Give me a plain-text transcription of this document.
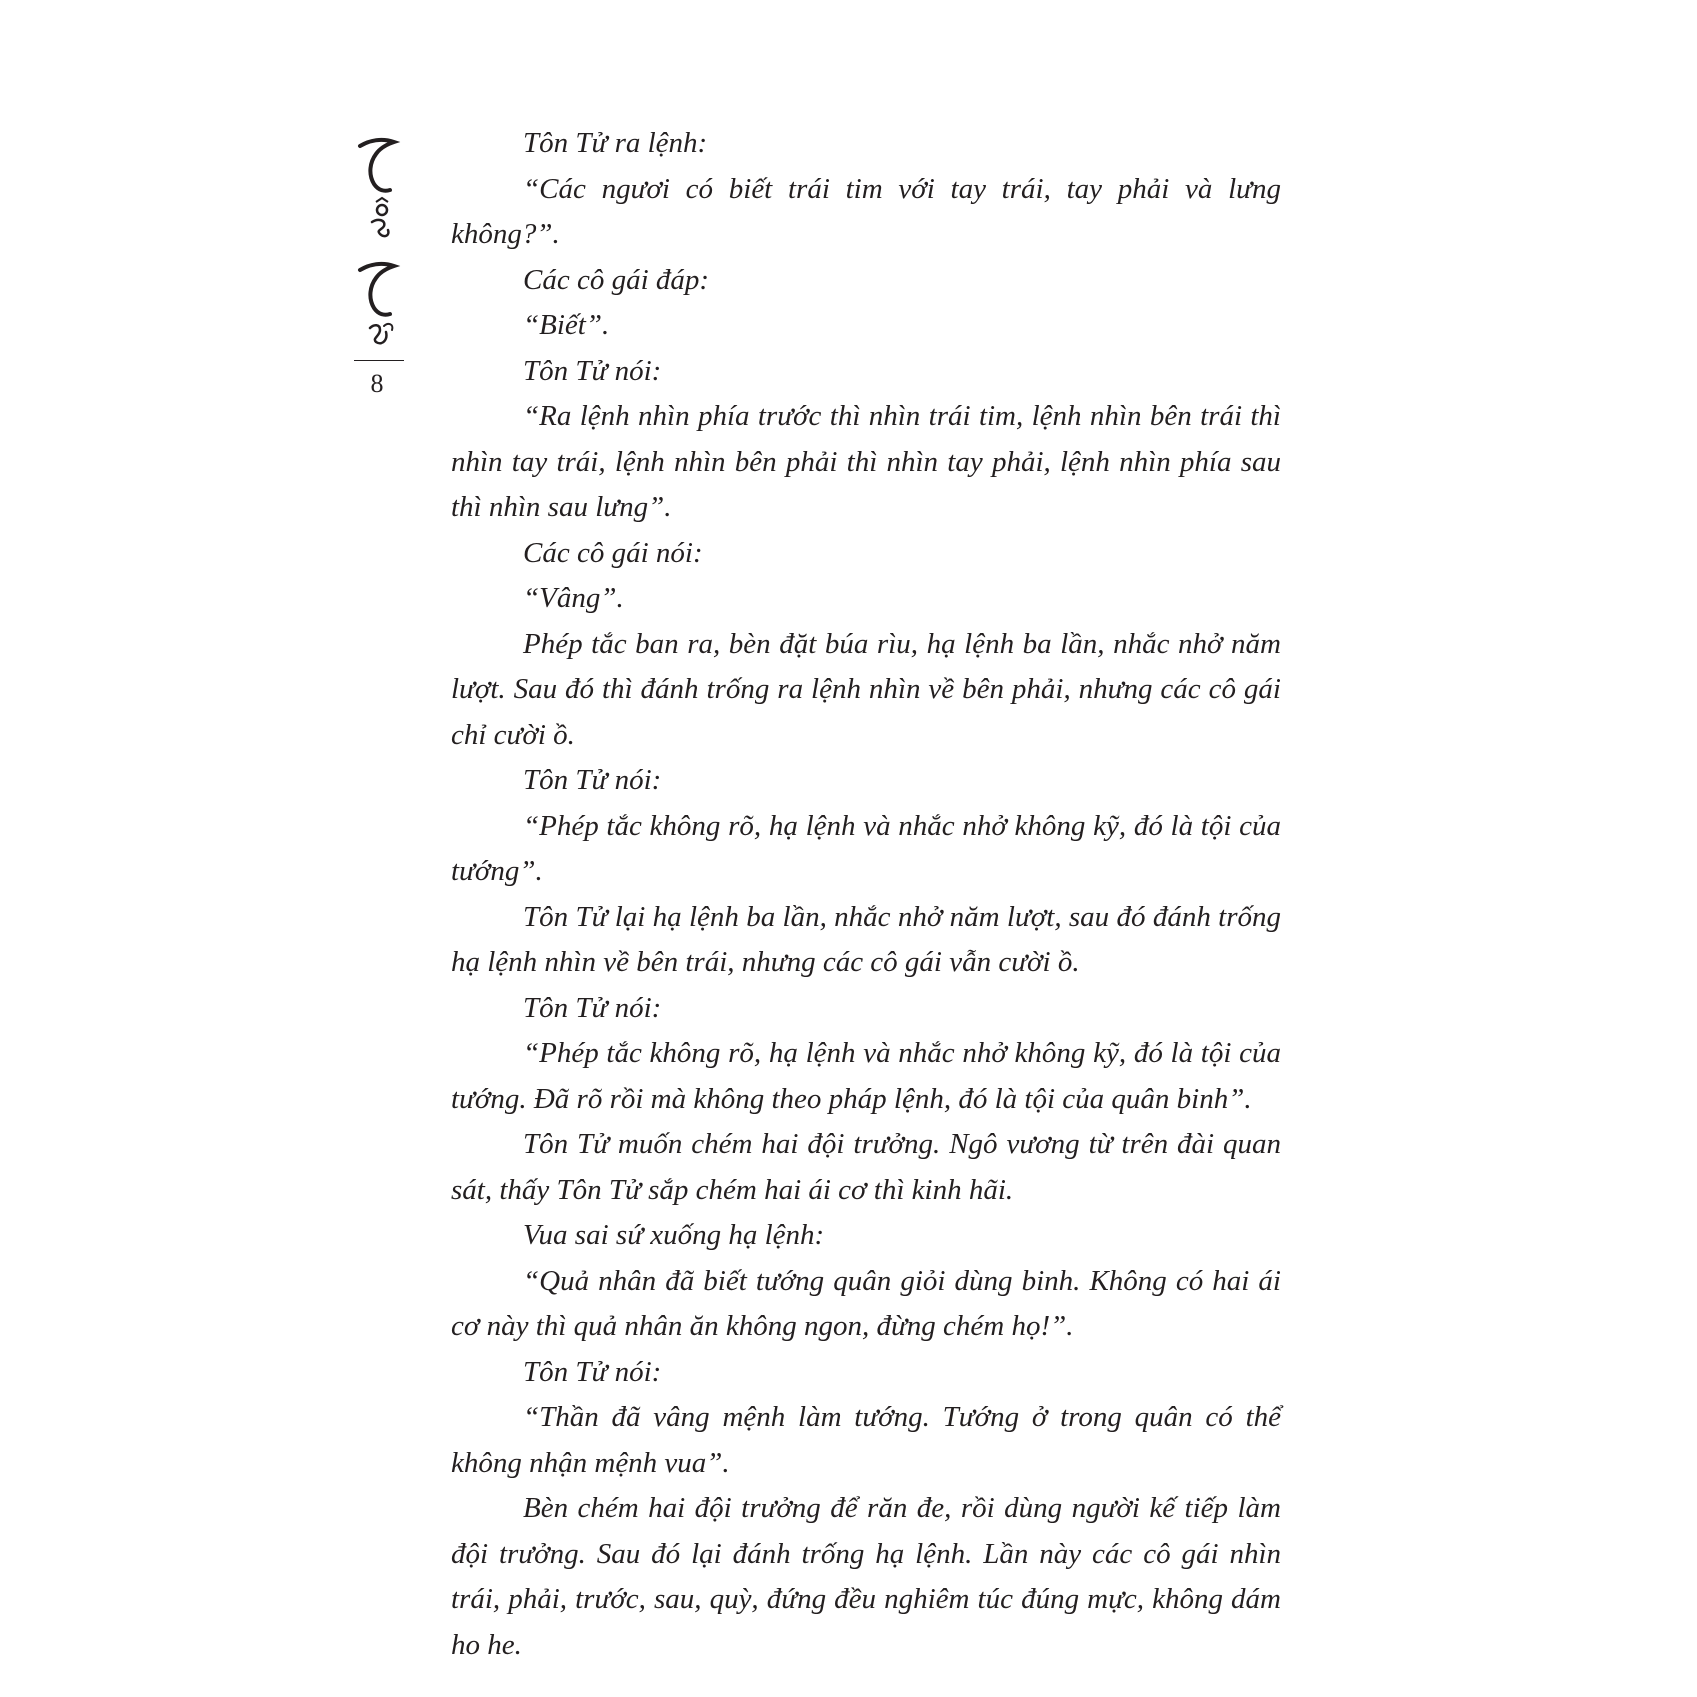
8

Tôn Tử ra lệnh:

“Các ngươi có biết trái tim với tay trái, tay phải và lưng không?”.

Các cô gái đáp:

“Biết”.

Tôn Tử nói:

“Ra lệnh nhìn phía trước thì nhìn trái tim, lệnh nhìn bên trái thì nhìn tay trái, lệnh nhìn bên phải thì nhìn tay phải, lệnh nhìn phía sau thì nhìn sau lưng”.

Các cô gái nói:

“Vâng”.

Phép tắc ban ra, bèn đặt búa rìu, hạ lệnh ba lần, nhắc nhở năm lượt. Sau đó thì đánh trống ra lệnh nhìn về bên phải, nhưng các cô gái chỉ cười ồ.

Tôn Tử nói:

“Phép tắc không rõ, hạ lệnh và nhắc nhở không kỹ, đó là tội của tướng”.

Tôn Tử lại hạ lệnh ba lần, nhắc nhở năm lượt, sau đó đánh trống hạ lệnh nhìn về bên trái, nhưng các cô gái vẫn cười ồ.

Tôn Tử nói:

“Phép tắc không rõ, hạ lệnh và nhắc nhở không kỹ, đó là tội của tướng. Đã rõ rồi mà không theo pháp lệnh, đó là tội của quân binh”.

Tôn Tử muốn chém hai đội trưởng. Ngô vương từ trên đài quan sát, thấy Tôn Tử sắp chém hai ái cơ thì kinh hãi.

Vua sai sứ xuống hạ lệnh:

“Quả nhân đã biết tướng quân giỏi dùng binh. Không có hai ái cơ này thì quả nhân ăn không ngon, đừng chém họ!”.

Tôn Tử nói:

“Thần đã vâng mệnh làm tướng. Tướng ở trong quân có thể không nhận mệnh vua”.

Bèn chém hai đội trưởng để răn đe, rồi dùng người kế tiếp làm đội trưởng. Sau đó lại đánh trống hạ lệnh. Lần này các cô gái nhìn trái, phải, trước, sau, quỳ, đứng đều nghiêm túc đúng mực, không dám ho he.
